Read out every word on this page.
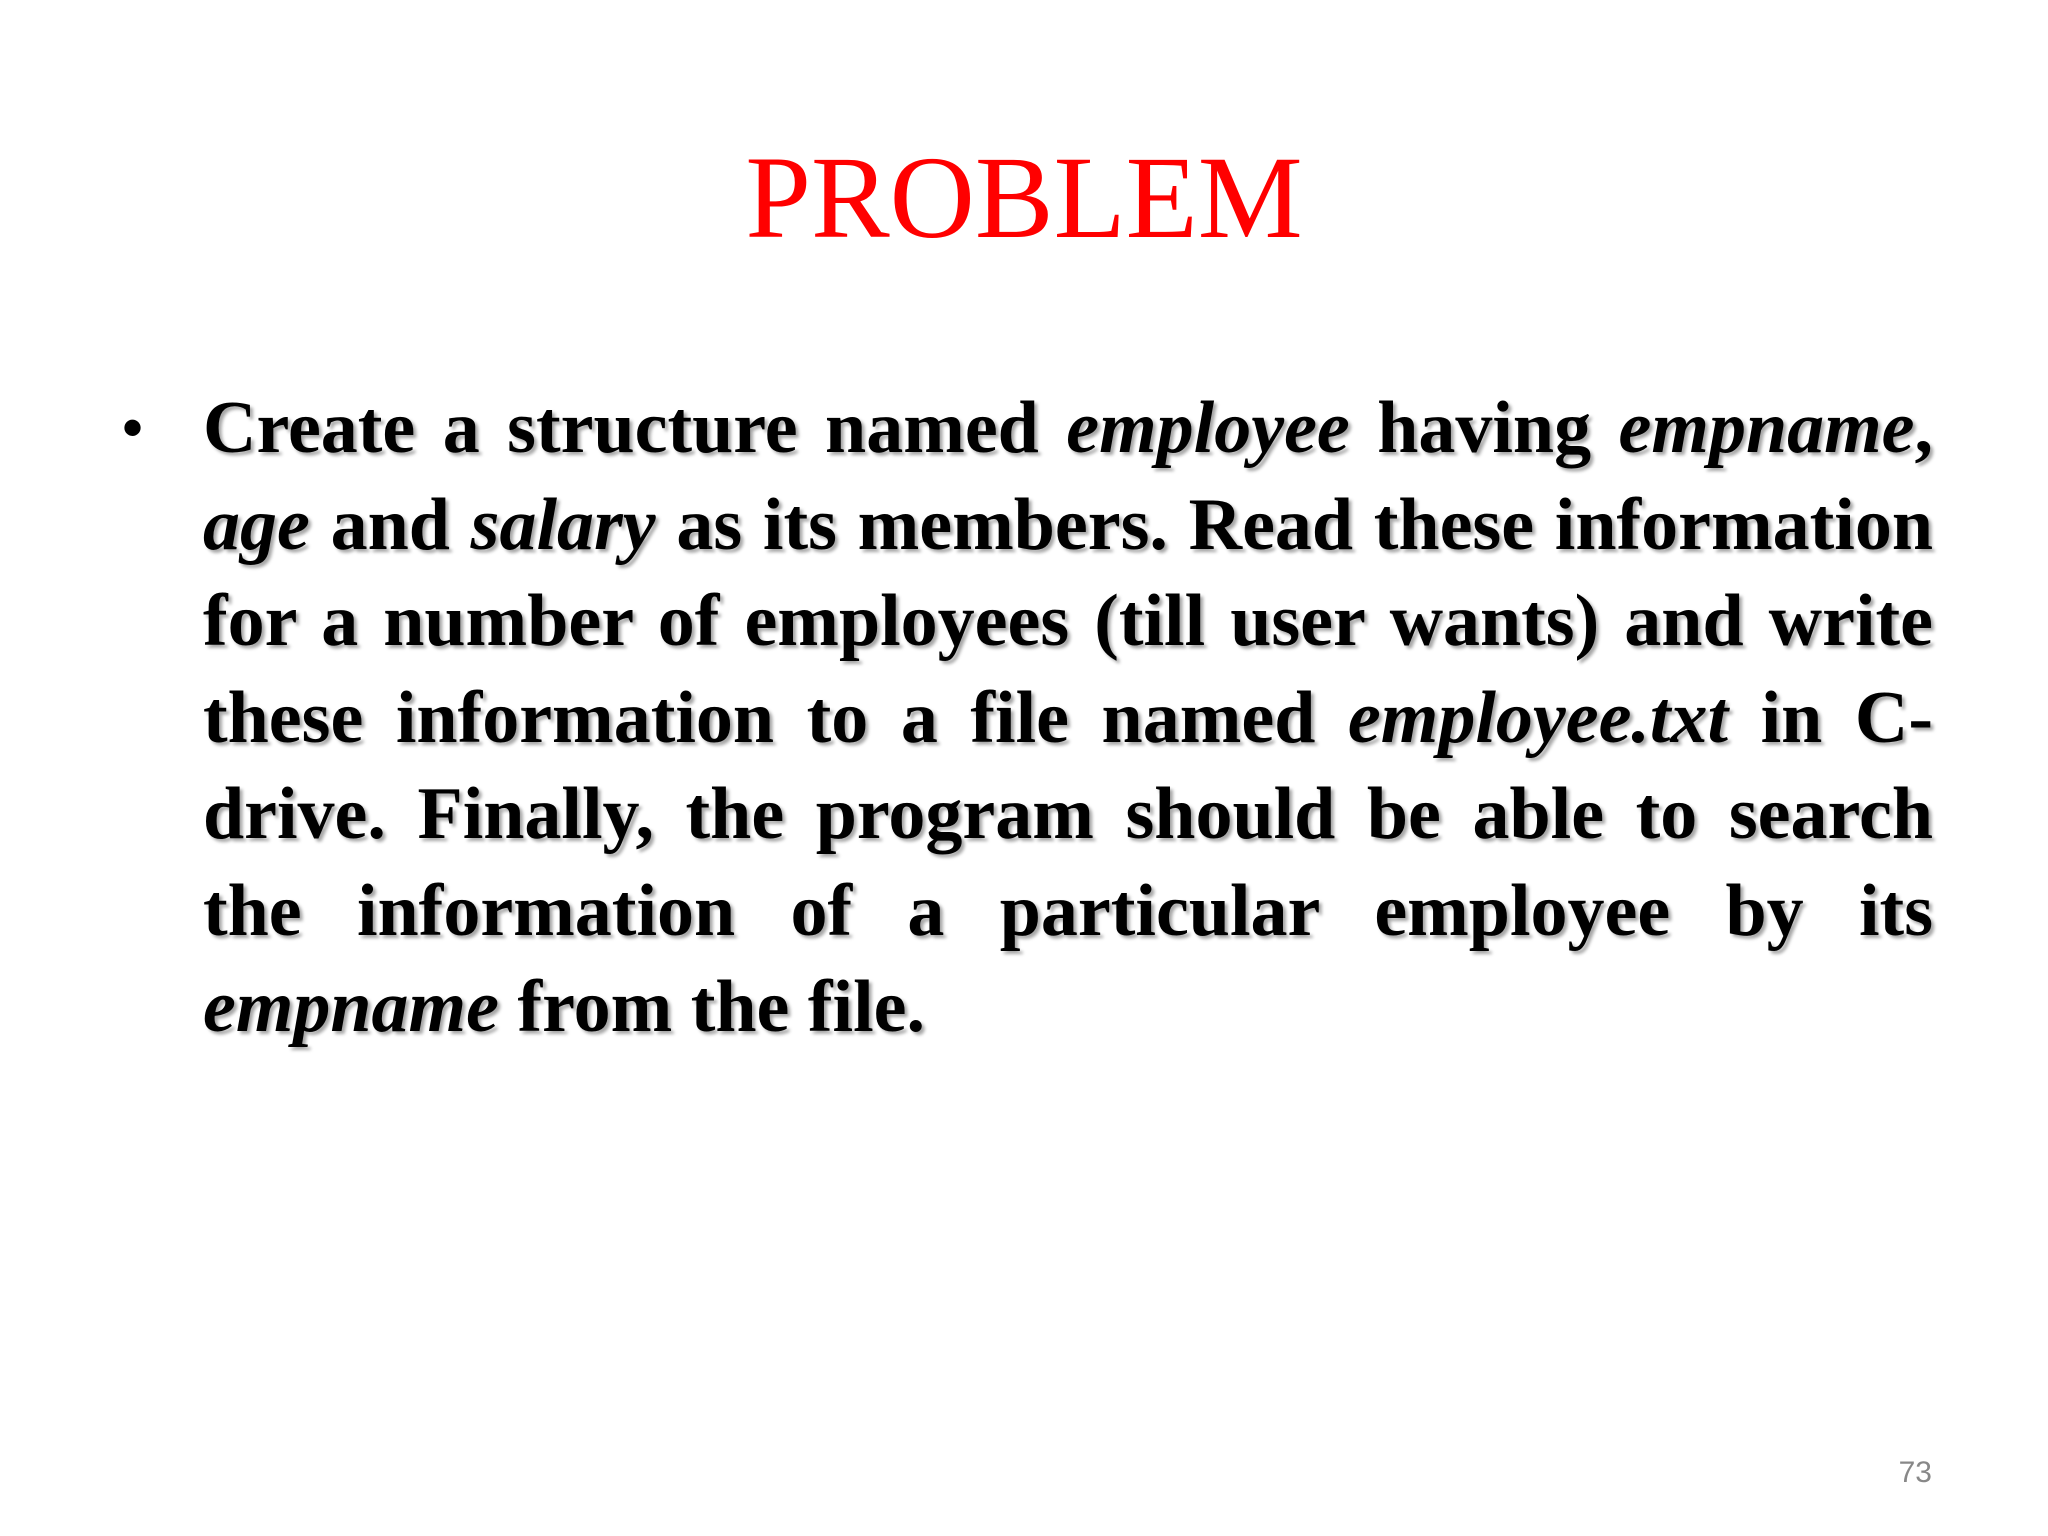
PROBLEM
• Create a structure named employee having empname, age and salary as its members. Read these information for a number of employees (till user wants) and write these information to a file named employee.txt in C-drive. Finally, the program should be able to search the information of a particular employee by its empname from the file.

73
